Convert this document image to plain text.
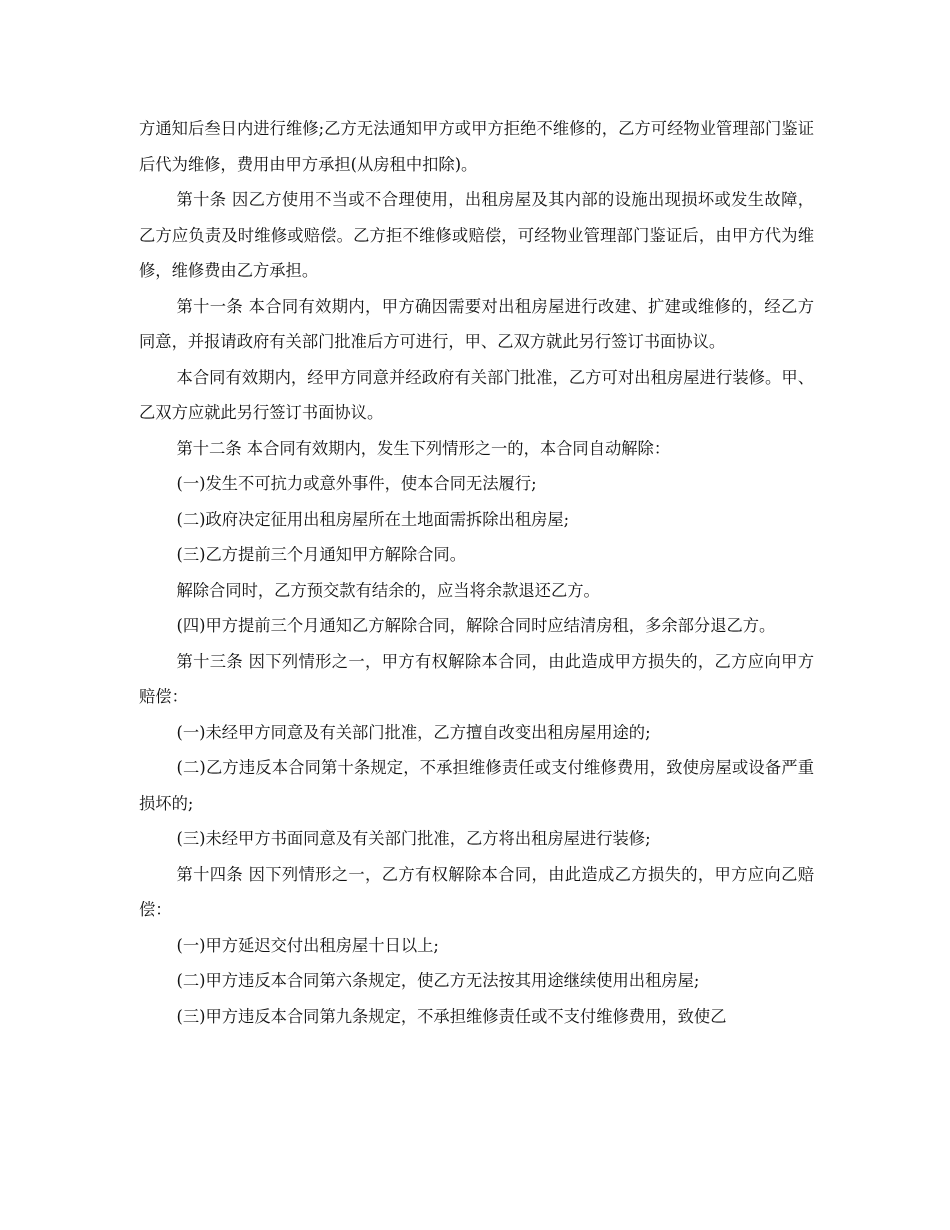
方通知后叁日内进行维修;乙方无法通知甲方或甲方拒绝不维修的，乙方可经物业管理部门鉴证后代为维修，费用由甲方承担(从房租中扣除)。

第十条 因乙方使用不当或不合理使用，出租房屋及其内部的设施出现损坏或发生故障，乙方应负责及时维修或赔偿。乙方拒不维修或赔偿，可经物业管理部门鉴证后，由甲方代为维修，维修费由乙方承担。

第十一条 本合同有效期内，甲方确因需要对出租房屋进行改建、扩建或维修的，经乙方同意，并报请政府有关部门批准后方可进行，甲、乙双方就此另行签订书面协议。

本合同有效期内，经甲方同意并经政府有关部门批准，乙方可对出租房屋进行装修。甲、乙双方应就此另行签订书面协议。

第十二条 本合同有效期内，发生下列情形之一的，本合同自动解除：

(一)发生不可抗力或意外事件，使本合同无法履行;

(二)政府决定征用出租房屋所在土地面需拆除出租房屋;

(三)乙方提前三个月通知甲方解除合同。

解除合同时，乙方预交款有结余的，应当将余款退还乙方。

(四)甲方提前三个月通知乙方解除合同，解除合同时应结清房租，多余部分退乙方。

第十三条 因下列情形之一，甲方有权解除本合同，由此造成甲方损失的，乙方应向甲方赔偿：

(一)未经甲方同意及有关部门批准，乙方擅自改变出租房屋用途的;

(二)乙方违反本合同第十条规定，不承担维修责任或支付维修费用，致使房屋或设备严重损坏的;

(三)未经甲方书面同意及有关部门批准，乙方将出租房屋进行装修;

第十四条 因下列情形之一，乙方有权解除本合同，由此造成乙方损失的，甲方应向乙赔偿：

(一)甲方延迟交付出租房屋十日以上;

(二)甲方违反本合同第六条规定，使乙方无法按其用途继续使用出租房屋;

(三)甲方违反本合同第九条规定，不承担维修责任或不支付维修费用，致使乙
